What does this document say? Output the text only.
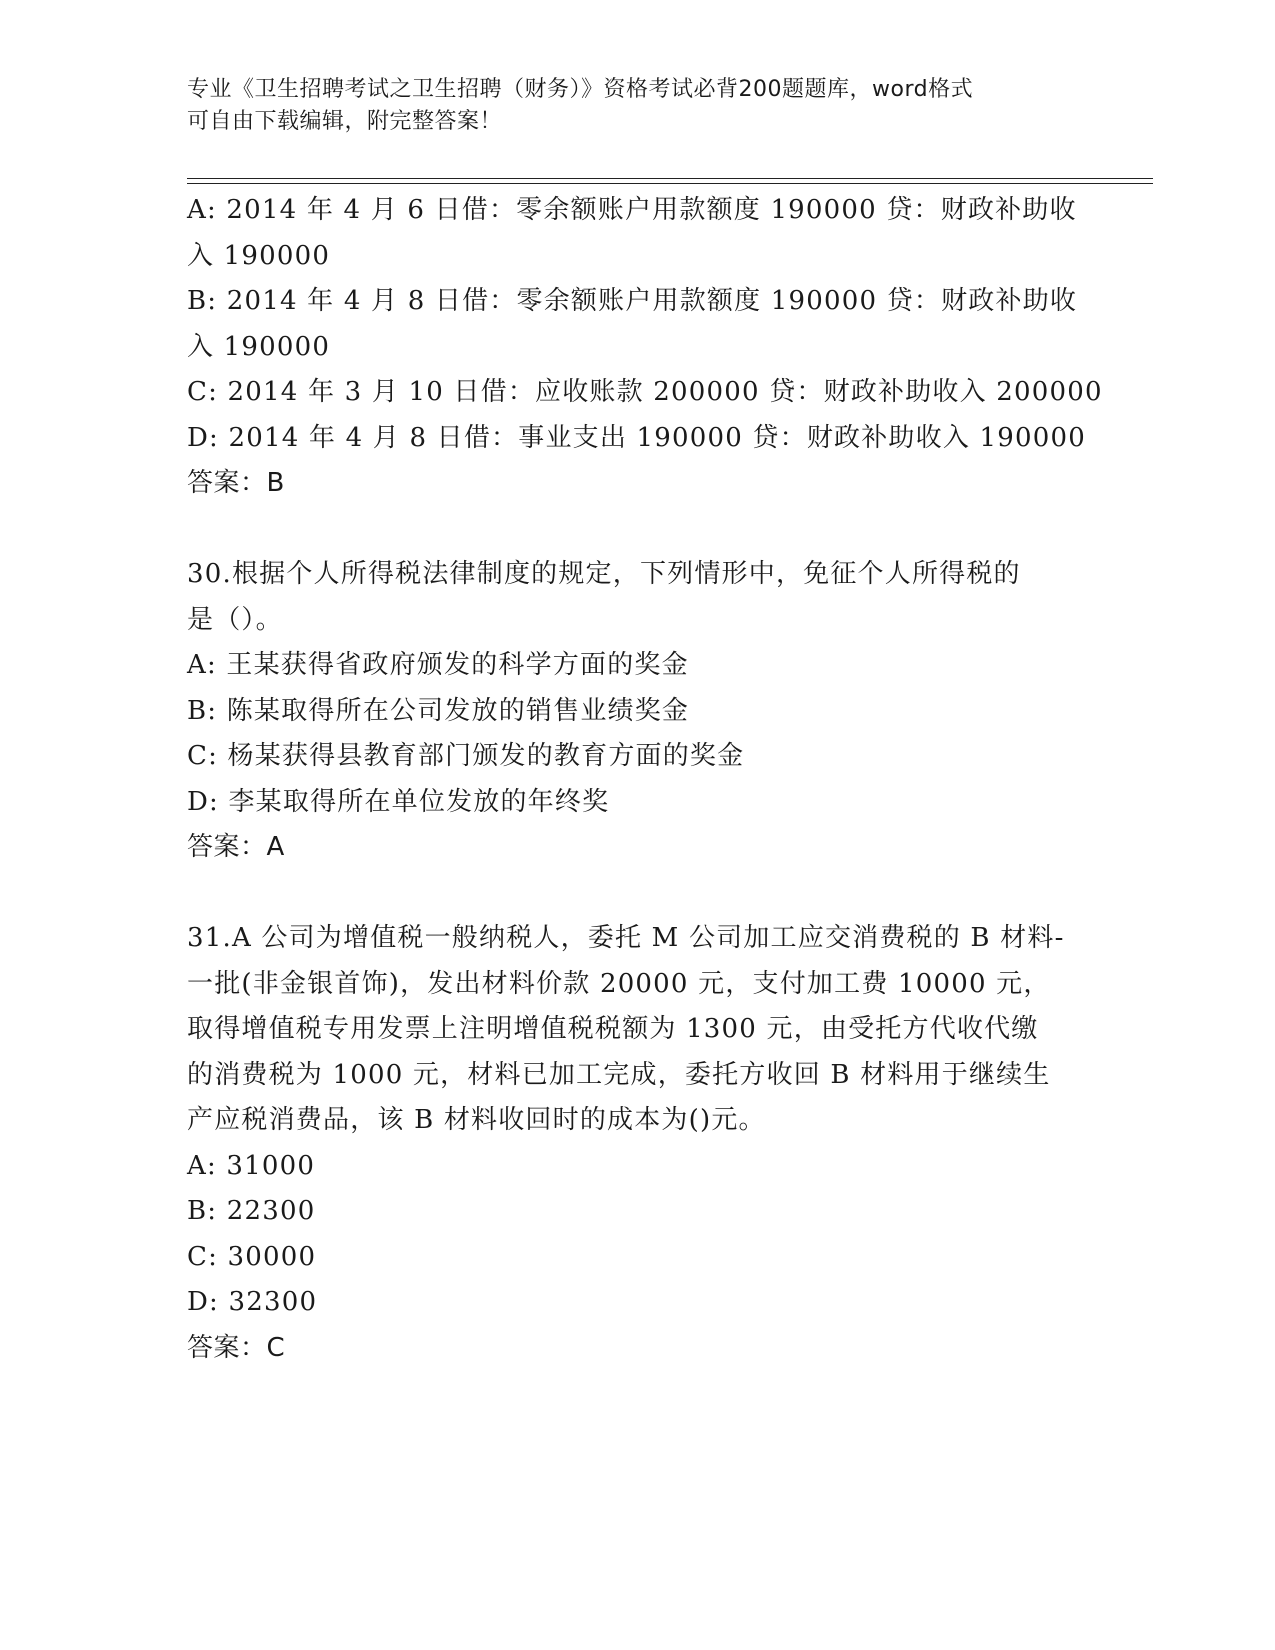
专业《卫生招聘考试之卫生招聘（财务）》资格考试必背200题题库，word格式
可自由下载编辑，附完整答案！
A: 2014 年 4 月 6 日借：零余额账户用款额度 190000 贷：财政补助收
入 190000
B: 2014 年 4 月 8 日借：零余额账户用款额度 190000 贷：财政补助收
入 190000
C: 2014 年 3 月 10 日借：应收账款 200000 贷：财政补助收入 200000
D: 2014 年 4 月 8 日借：事业支出 190000 贷：财政补助收入 190000
答案：B
30.根据个人所得税法律制度的规定，下列情形中，免征个人所得税的
是（）。
A: 王某获得省政府颁发的科学方面的奖金
B: 陈某取得所在公司发放的销售业绩奖金
C: 杨某获得县教育部门颁发的教育方面的奖金
D: 李某取得所在单位发放的年终奖
答案：A
31.A 公司为增值税一般纳税人，委托 M 公司加工应交消费税的 B 材料-
一批(非金银首饰)，发出材料价款 20000 元，支付加工费 10000 元，
取得增值税专用发票上注明增值税税额为 1300 元，由受托方代收代缴
的消费税为 1000 元，材料已加工完成，委托方收回 B 材料用于继续生
产应税消费品，该 B 材料收回时的成本为()元。
A: 31000
B: 22300
C: 30000
D: 32300
答案：C
